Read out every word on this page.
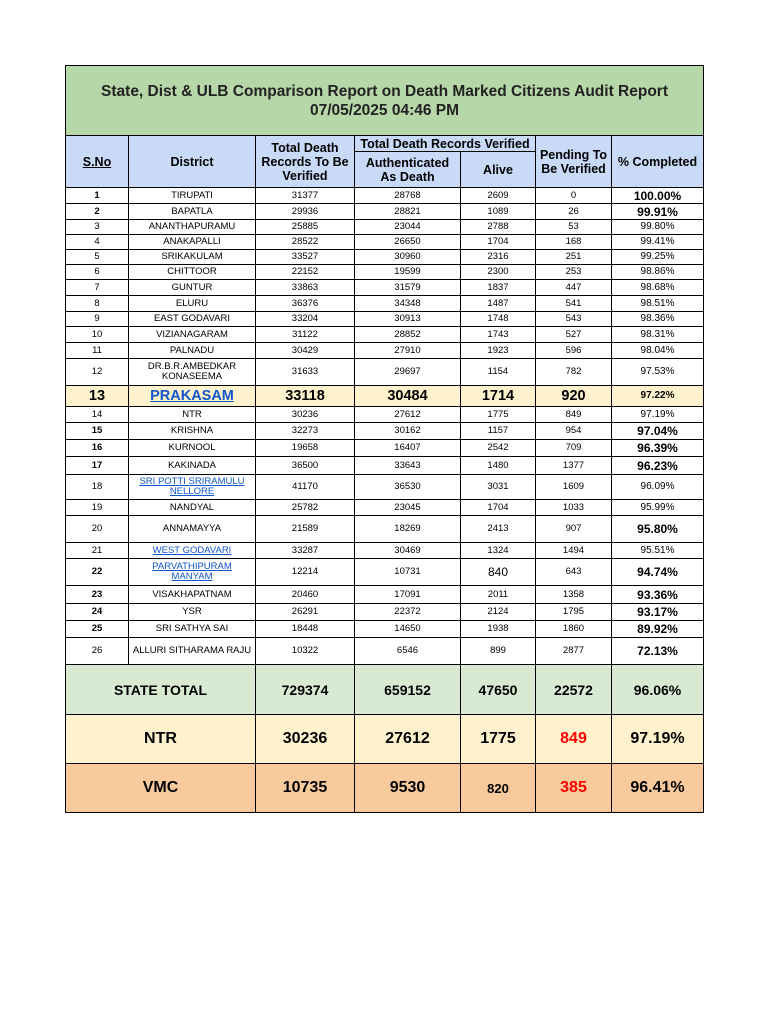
State, Dist & ULB Comparison Report on Death Marked Citizens Audit Report
07/05/2025 04:46 PM						

S.No	District	Total Death Records To Be Verified	Total Death Records Verified		Pending To Be Verified	% Completed
			Authenticated As Death	Alive		
1	TIRUPATI	31377	28768	2609	0	100.00%
2	BAPATLA	29936	28821	1089	26	99.91%
3	ANANTHAPURAMU	25885	23044	2788	53	99.80%
4	ANAKAPALLI	28522	26650	1704	168	99.41%
5	SRIKAKULAM	33527	30960	2316	251	99.25%
6	CHITTOOR	22152	19599	2300	253	98.86%
7	GUNTUR	33863	31579	1837	447	98.68%
8	ELURU	36376	34348	1487	541	98.51%
9	EAST GODAVARI	33204	30913	1748	543	98.36%
10	VIZIANAGARAM	31122	28852	1743	527	98.31%
11	PALNADU	30429	27910	1923	596	98.04%
12	DR.B.R.AMBEDKAR KONASEEMA	31633	29697	1154	782	97.53%
13	PRAKASAM	33118	30484	1714	920	97.22%
14	NTR	30236	27612	1775	849	97.19%
15	KRISHNA	32273	30162	1157	954	97.04%
16	KURNOOL	19658	16407	2542	709	96.39%
17	KAKINADA	36500	33643	1480	1377	96.23%
18	SRI POTTI SRIRAMULU NELLORE	41170	36530	3031	1609	96.09%
19	NANDYAL	25782	23045	1704	1033	95.99%
20	ANNAMAYYA	21589	18269	2413	907	95.80%
21	WEST GODAVARI	33287	30469	1324	1494	95.51%
22	PARVATHIPURAM MANYAM	12214	10731	840	643	94.74%
23	VISAKHAPATNAM	20460	17091	2011	1358	93.36%
24	YSR	26291	22372	2124	1795	93.17%
25	SRI SATHYA SAI	18448	14650	1938	1860	89.92%
26	ALLURI SITHARAMA RAJU	10322	6546	899	2877	72.13%
STATE TOTAL		729374	659152	47650	22572	96.06%
NTR		30236	27612	1775	849	97.19%
VMC		10735	9530	820	385	96.41%
